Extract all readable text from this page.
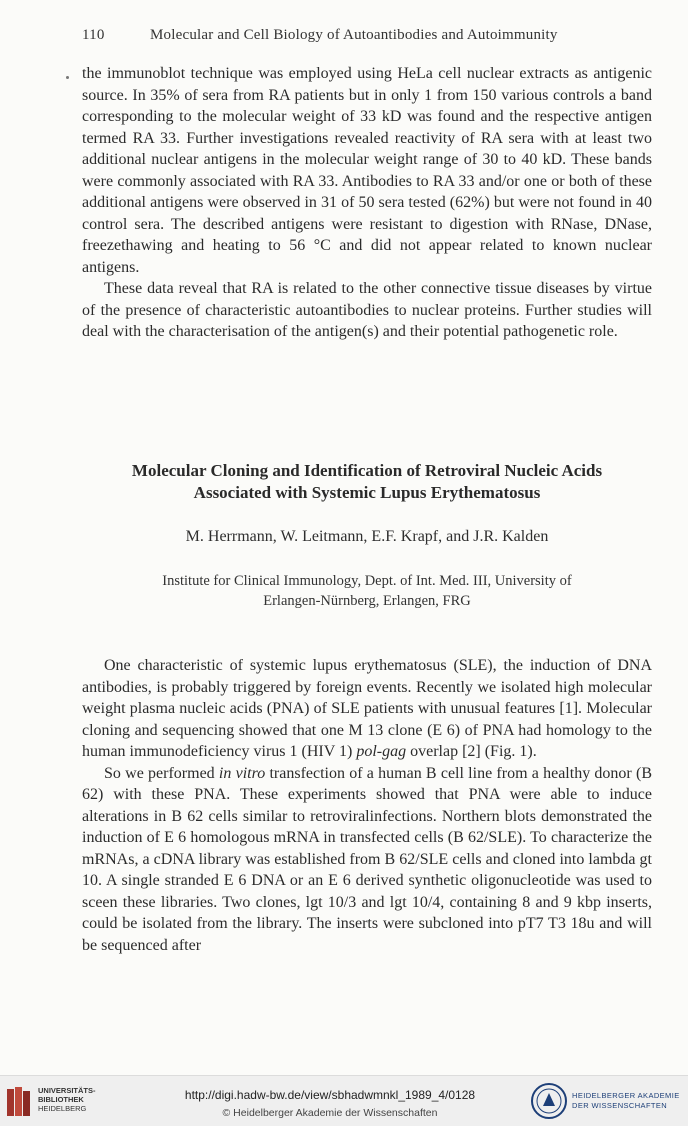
110	Molecular and Cell Biology of Autoantibodies and Autoimmunity

the immunoblot technique was employed using HeLa cell nuclear extracts as antigenic source. In 35% of sera from RA patients but in only 1 from 150 various controls a band corresponding to the molecular weight of 33 kD was found and the respective antigen termed RA 33. Further investigations revealed reactivity of RA sera with at least two additional nuclear antigens in the molecular weight range of 30 to 40 kD. These bands were commonly associated with RA 33. Antibodies to RA 33 and/or one or both of these additional antigens were observed in 31 of 50 sera tested (62%) but were not found in 40 control sera. The described antigens were resistant to digestion with RNase, DNase, freezethawing and heating to 56 °C and did not appear related to known nuclear antigens.

These data reveal that RA is related to the other connective tissue diseases by virtue of the presence of characteristic autoantibodies to nuclear proteins. Further studies will deal with the characterisation of the antigen(s) and their potential pathogenetic role.

Molecular Cloning and Identification of Retroviral Nucleic Acids
Associated with Systemic Lupus Erythematosus
M. Herrmann, W. Leitmann, E.F. Krapf, and J.R. Kalden
Institute for Clinical Immunology, Dept. of Int. Med. III, University of
Erlangen-Nürnberg, Erlangen, FRG

One characteristic of systemic lupus erythematosus (SLE), the induction of DNA antibodies, is probably triggered by foreign events. Recently we isolated high molecular weight plasma nucleic acids (PNA) of SLE patients with unusual features [1]. Molecular cloning and sequencing showed that one M 13 clone (E 6) of PNA had homology to the human immunodeficiency virus 1 (HIV 1) pol-gag overlap [2] (Fig. 1).

So we performed in vitro transfection of a human B cell line from a healthy donor (B 62) with these PNA. These experiments showed that PNA were able to induce alterations in B 62 cells similar to retroviralinfections. Northern blots demonstrated the induction of E 6 homologous mRNA in transfected cells (B 62/SLE). To characterize the mRNAs, a cDNA library was established from B 62/SLE cells and cloned into lambda gt 10. A single stranded E 6 DNA or an E 6 derived synthetic oligonucleotide was used to sceen these libraries. Two clones, lgt 10/3 and lgt 10/4, containing 8 and 9 kbp inserts, could be isolated from the library. The inserts were subcloned into pT7 T3 18u and will be sequenced after

UNIVERSITÄTS-
BIBLIOTHEK
HEIDELBERG
http://digi.hadw-bw.de/view/sbhadwmnkl_1989_4/0128
© Heidelberger Akademie der Wissenschaften
HEIDELBERGER AKADEMIE
DER WISSENSCHAFTEN
